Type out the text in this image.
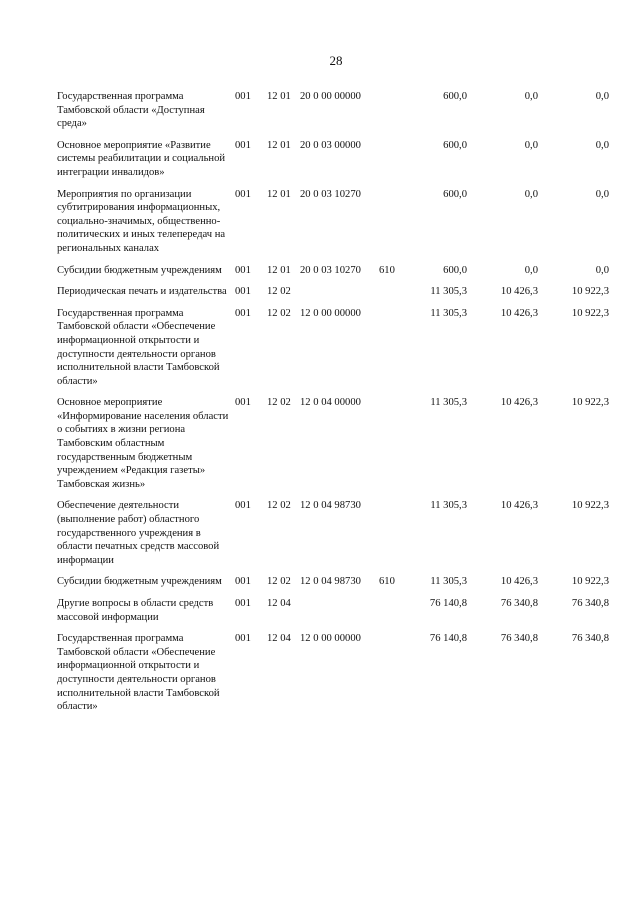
28
Государственная программа Тамбовской области «Доступная среда»
001 12 01 20 0 00 00000	600,0	0,0	0,0
Основное мероприятие «Развитие системы реабилитации и социальной интеграции инвалидов»
001 12 01 20 0 03 00000	600,0	0,0	0,0
Мероприятия по организации субтитрирования информационных, социально-значимых, общественно-политических и иных телепередач на региональных каналах
001 12 01 20 0 03 10270	600,0	0,0	0,0
Субсидии бюджетным учреждениям	001 12 01 20 0 03 10270 610	600,0	0,0	0,0
Периодическая печать и издательства 001 12 02	11 305,3	10 426,3	10 922,3
Государственная программа Тамбовской области «Обеспечение информационной открытости и доступности деятельности органов исполнительной власти Тамбовской области»
001 12 02 12 0 00 00000	11 305,3	10 426,3	10 922,3
Основное мероприятие «Информирование населения области о событиях в жизни региона Тамбовским областным государственным бюджетным учреждением «Редакция газеты» Тамбовская жизнь»
001 12 02 12 0 04 00000	11 305,3	10 426,3	10 922,3
Обеспечение деятельности (выполнение работ) областного государственного учреждения в области печатных средств массовой информации
001 12 02 12 0 04 98730	11 305,3	10 426,3	10 922,3
Субсидии бюджетным учреждениям	001 12 02 12 0 04 98730 610	11 305,3	10 426,3	10 922,3
Другие вопросы в области средств массовой информации
001 12 04	76 140,8	76 340,8	76 340,8
Государственная программа Тамбовской области «Обеспечение информационной открытости и доступности деятельности органов исполнительной власти Тамбовской области»
001 12 04 12 0 00 00000	76 140,8	76 340,8	76 340,8
